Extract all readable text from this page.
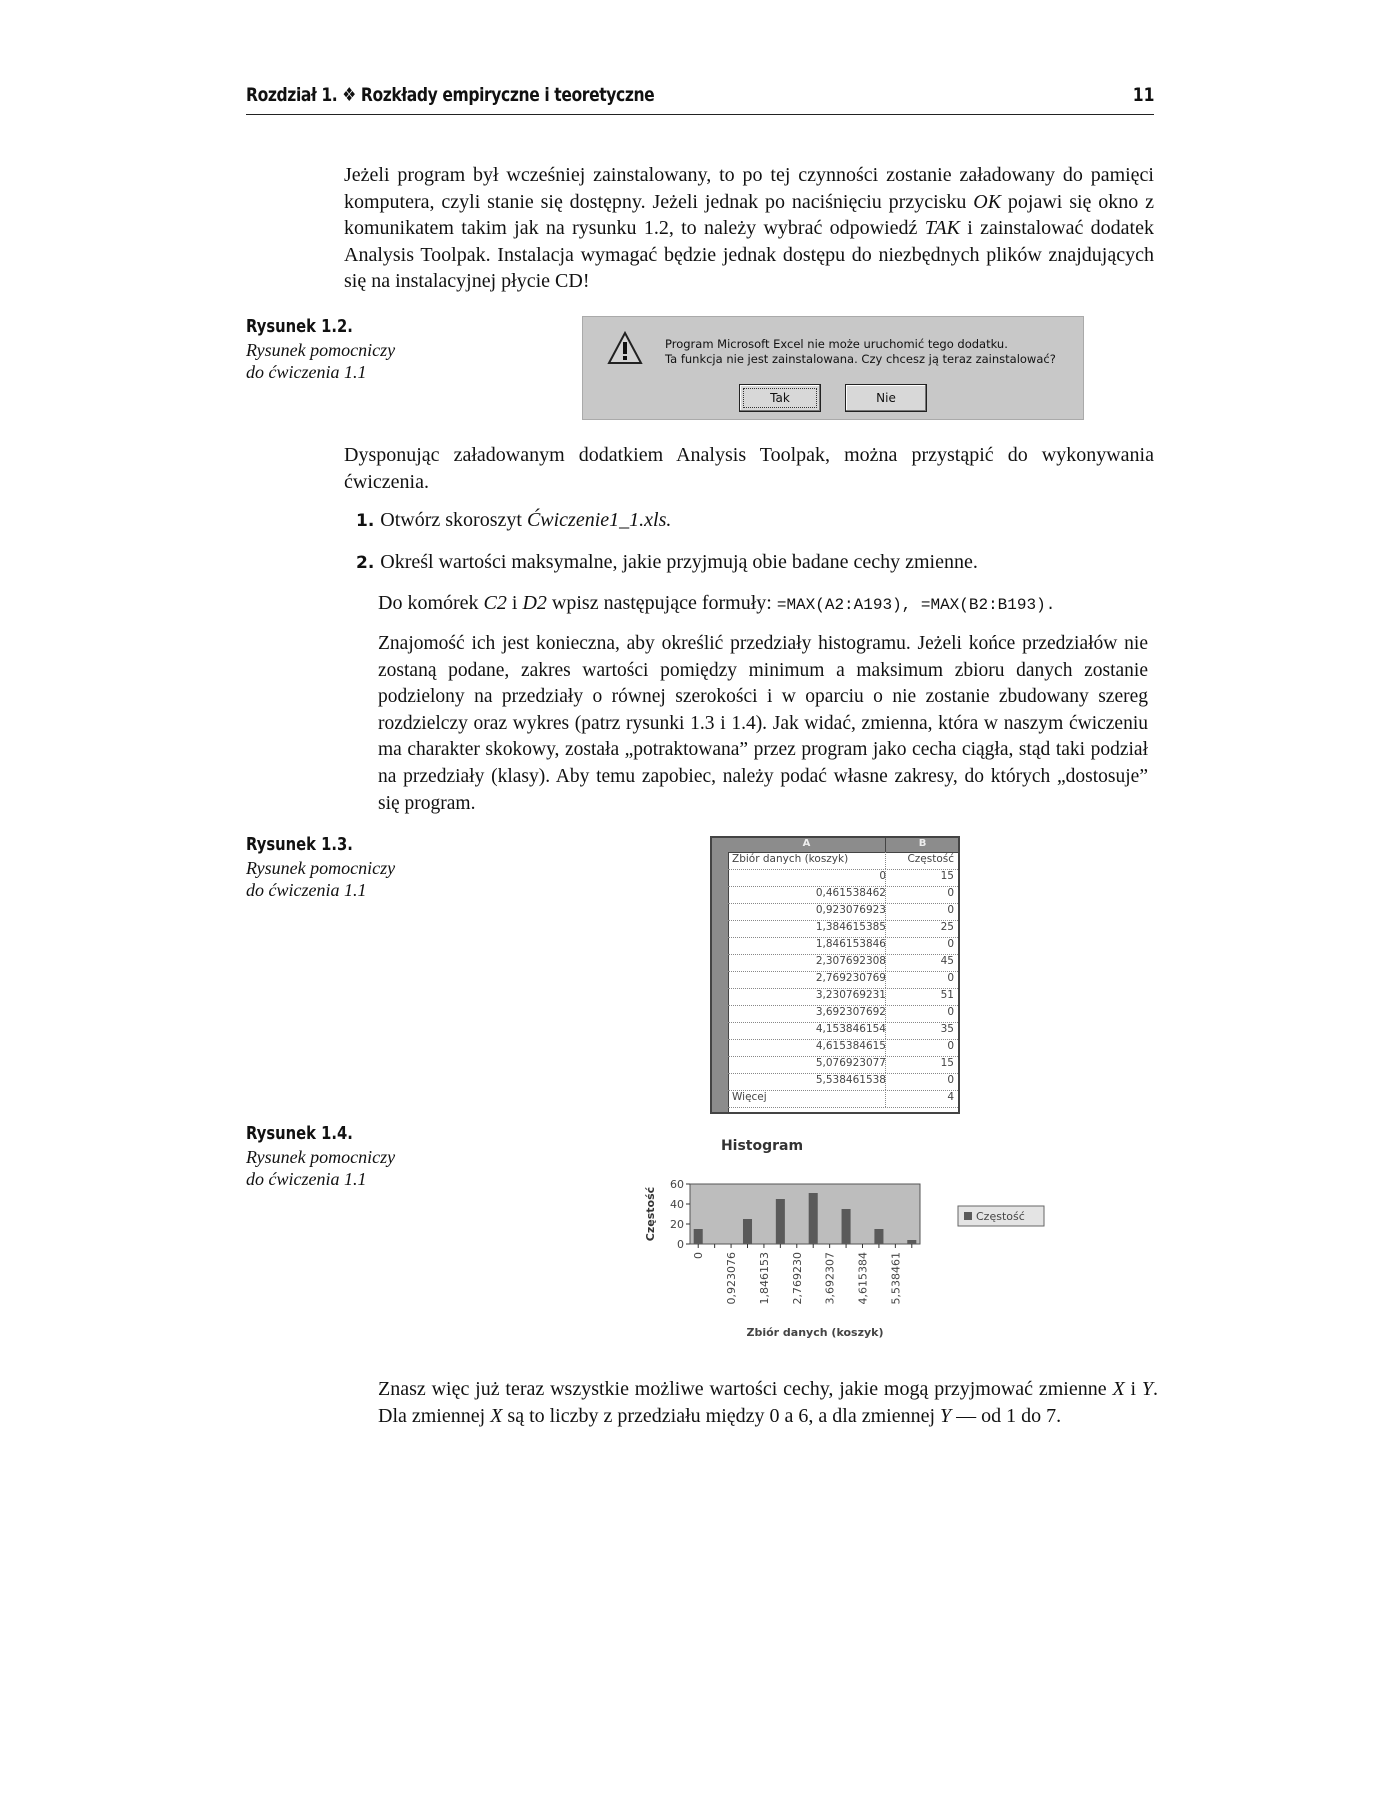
Rozdział 1. ❖ Rozkłady empiryczne i teoretyczne	11
Jeżeli program był wcześniej zainstalowany, to po tej czynności zostanie załadowany do pamięci komputera, czyli stanie się dostępny. Jeżeli jednak po naciśnięciu przycisku OK pojawi się okno z komunikatem takim jak na rysunku 1.2, to należy wybrać odpowiedź TAK i zainstalować dodatek Analysis Toolpak. Instalacja wymagać będzie jednak dostępu do niezbędnych plików znajdujących się na instalacyjnej płycie CD!
Rysunek 1.2.
Rysunek pomocniczy
do ćwiczenia 1.1
Program Microsoft Excel nie może uruchomić tego dodatku.
Ta funkcja nie jest zainstalowana. Czy chcesz ją teraz zainstalować?
Tak	Nie
Dysponując załadowanym dodatkiem Analysis Toolpak, można przystąpić do wykonywania ćwiczenia.
1. Otwórz skoroszyt Ćwiczenie1_1.xls.
2. Określ wartości maksymalne, jakie przyjmują obie badane cechy zmienne.
Do komórek C2 i D2 wpisz następujące formuły: =MAX(A2:A193), =MAX(B2:B193).
Znajomość ich jest konieczna, aby określić przedziały histogramu. Jeżeli końce przedziałów nie zostaną podane, zakres wartości pomiędzy minimum a maksimum zbioru danych zostanie podzielony na przedziały o równej szerokości i w oparciu o nie zostanie zbudowany szereg rozdzielczy oraz wykres (patrz rysunki 1.3 i 1.4). Jak widać, zmienna, która w naszym ćwiczeniu ma charakter skokowy, została „potraktowana” przez program jako cecha ciągła, stąd taki podział na przedziały (klasy). Aby temu zapobiec, należy podać własne zakresy, do których „dostosuje” się program.
Rysunek 1.3.
Rysunek pomocniczy
do ćwiczenia 1.1
A	B
Zbiór danych (koszyk)	Częstość
0	15
0,461538462	0
0,923076923	0
1,384615385	25
1,846153846	0
2,307692308	45
2,769230769	0
3,230769231	51
3,692307692	0
4,153846154	35
4,615384615	0
5,076923077	15
5,538461538	0
Więcej	4
Rysunek 1.4.
Rysunek pomocniczy
do ćwiczenia 1.1
Histogram
0
20
40
60
Częstość
0 0,923076 1,846153 2,769230 3,692307 4,615384 5,538461
Zbiór danych (koszyk)
Częstość
Znasz więc już teraz wszystkie możliwe wartości cechy, jakie mogą przyjmować zmienne X i Y. Dla zmiennej X są to liczby z przedziału między 0 a 6, a dla zmiennej Y — od 1 do 7.
